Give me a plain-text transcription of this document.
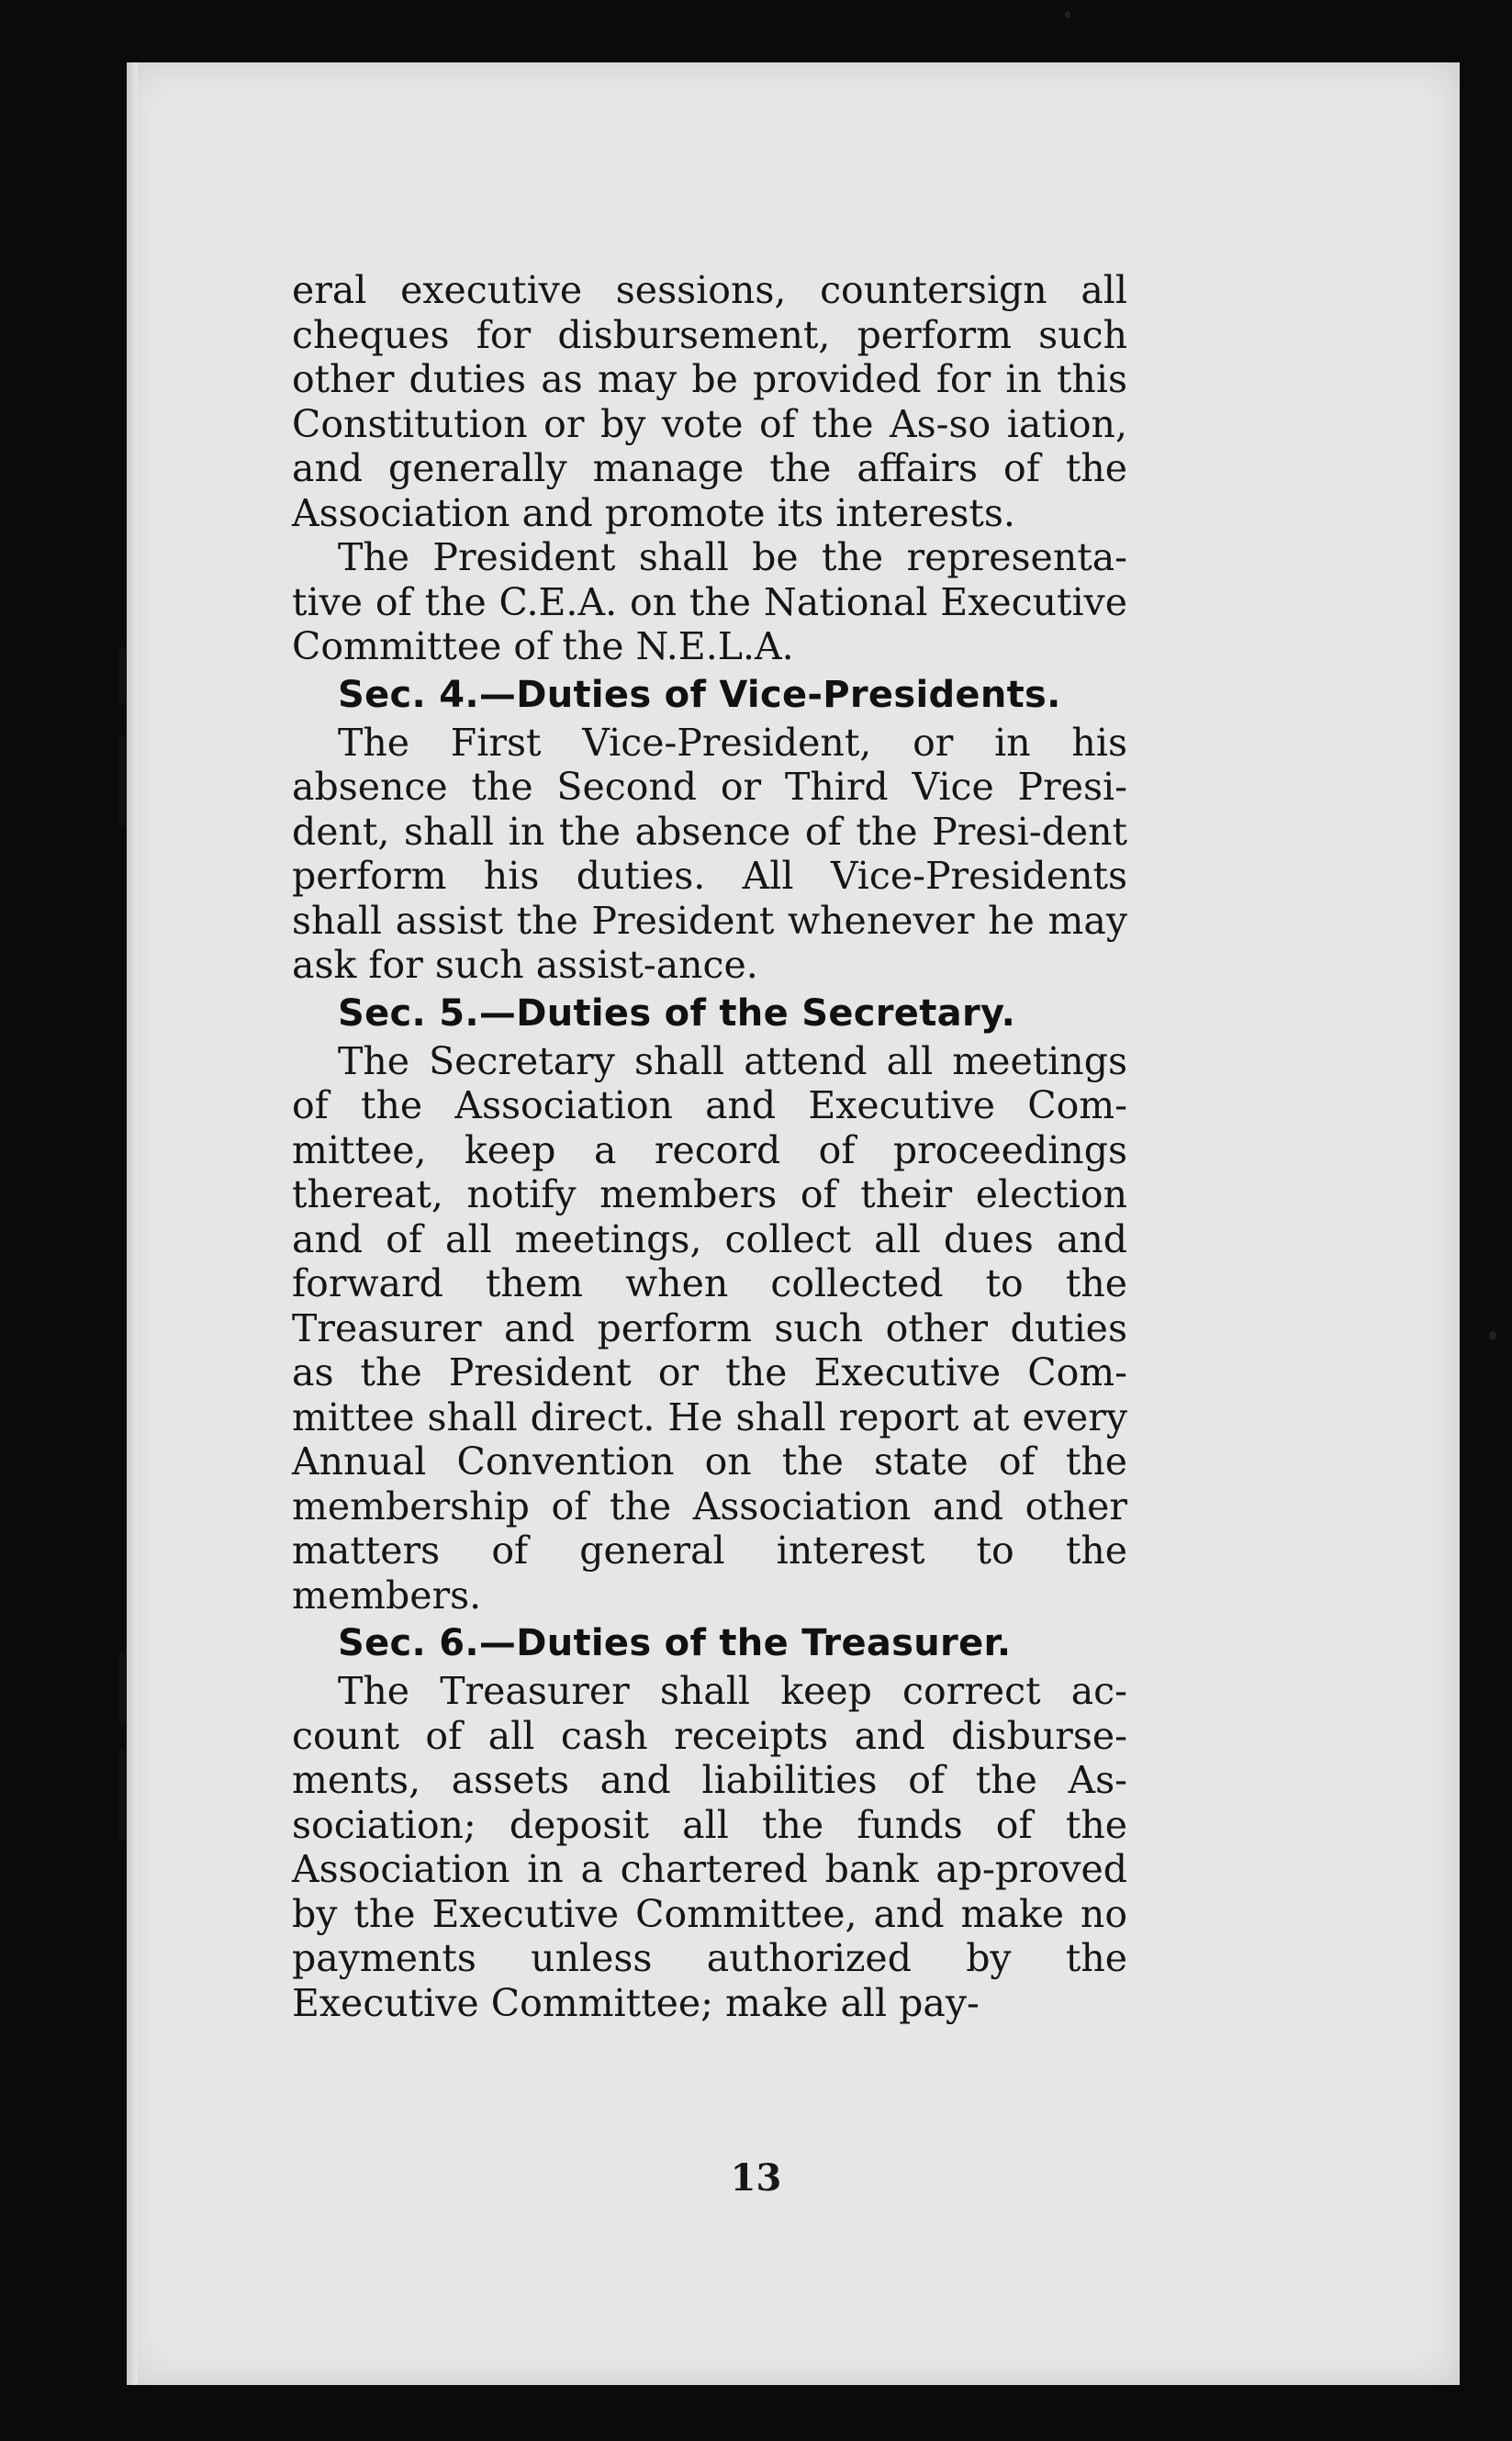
eral executive sessions, countersign all cheques for disbursement, perform such other duties as may be provided for in this Constitution or by vote of the As-so iation, and generally manage the affairs of the Association and promote its interests.

The President shall be the representa-tive of the C.E.A. on the National Executive Committee of the N.E.L.A.

Sec. 4.—Duties of Vice-Presidents.

The First Vice-President, or in his absence the Second or Third Vice Presi-dent, shall in the absence of the Presi-dent perform his duties. All Vice-Presidents shall assist the President whenever he may ask for such assist-ance.

Sec. 5.—Duties of the Secretary.

The Secretary shall attend all meetings of the Association and Executive Com-mittee, keep a record of proceedings thereat, notify members of their election and of all meetings, collect all dues and forward them when collected to the Treasurer and perform such other duties as the President or the Executive Com-mittee shall direct. He shall report at every Annual Convention on the state of the membership of the Association and other matters of general interest to the members.

Sec. 6.—Duties of the Treasurer.

The Treasurer shall keep correct ac-count of all cash receipts and disburse-ments, assets and liabilities of the As-sociation; deposit all the funds of the Association in a chartered bank ap-proved by the Executive Committee, and make no payments unless authorized by the Executive Committee; make all pay-

13
